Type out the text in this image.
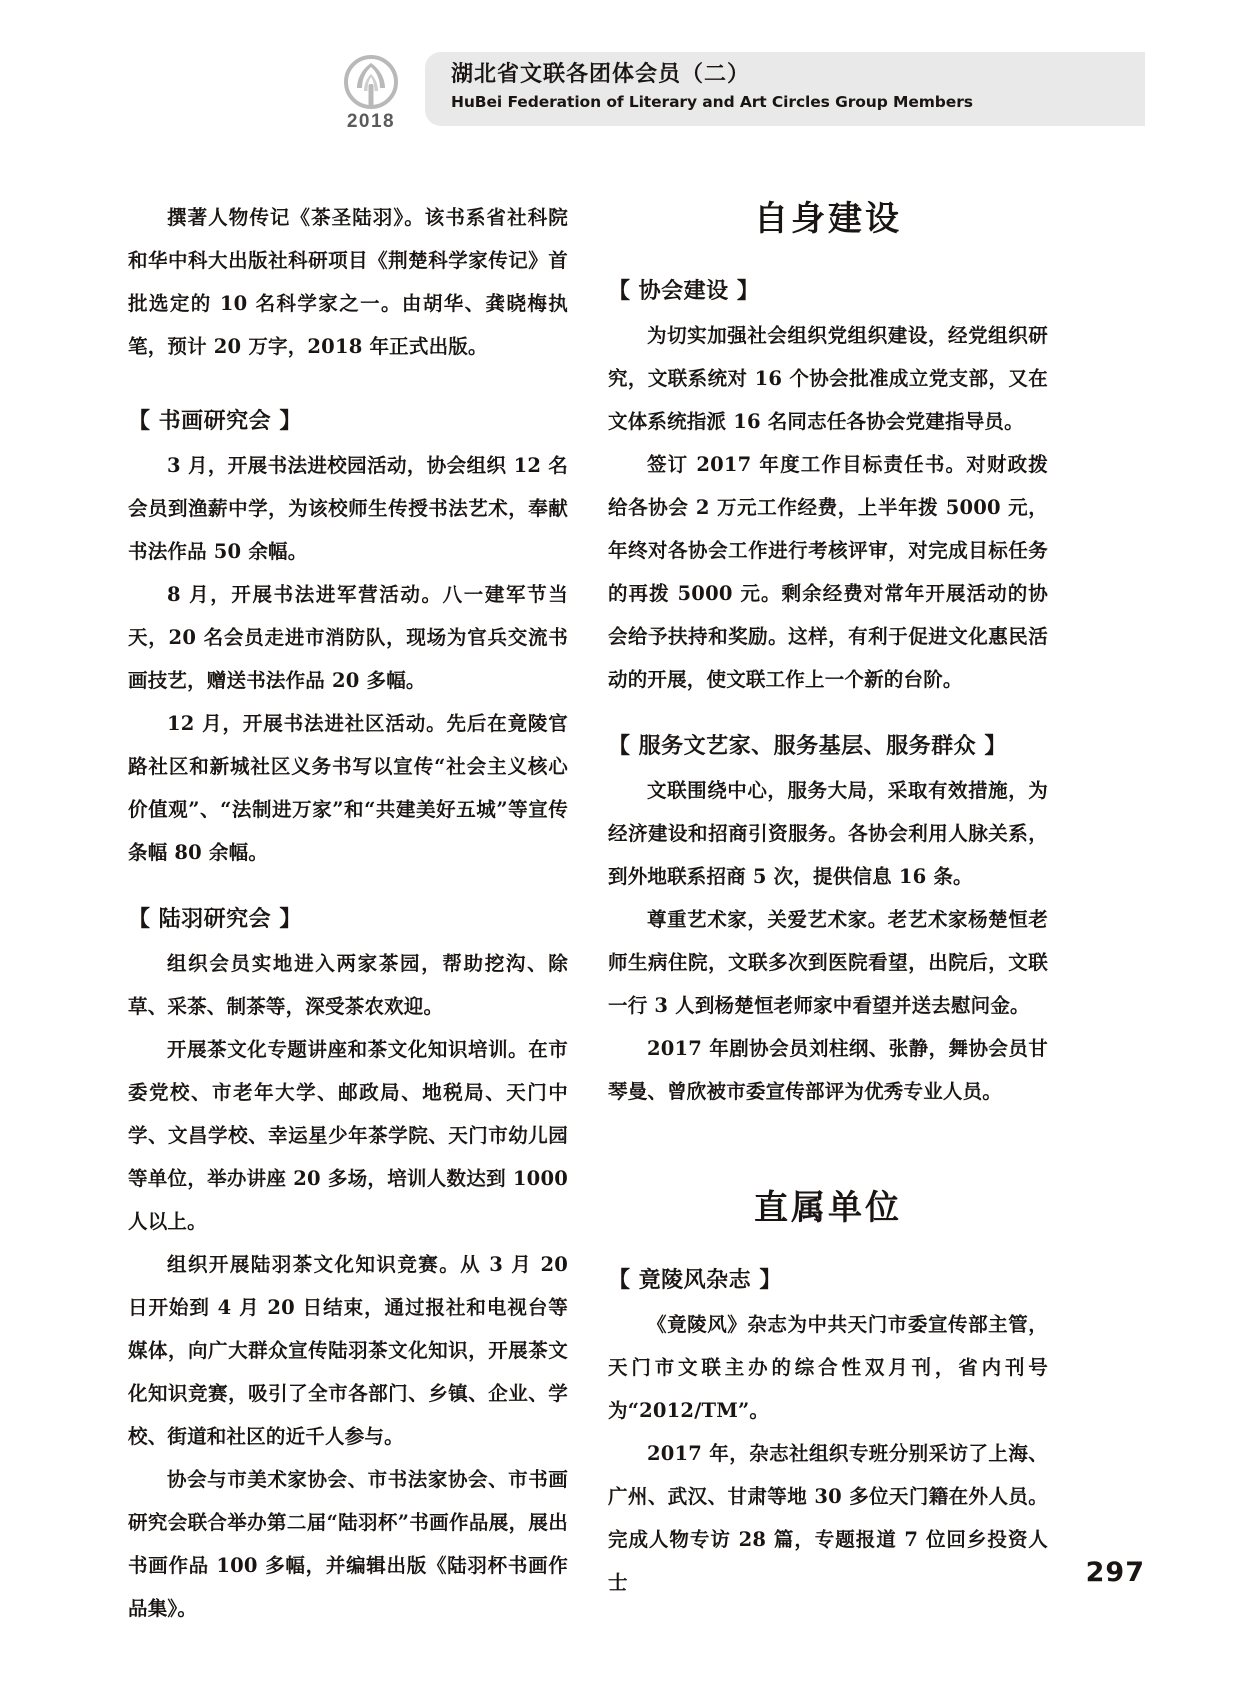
2018
湖北省文联各团体会员（二）
HuBei Federation of Literary and Art Circles Group Members

撰著人物传记《茶圣陆羽》。该书系省社科院和华中科大出版社科研项目《荆楚科学家传记》首批选定的 10 名科学家之一。由胡华、龚晓梅执笔，预计 20 万字，2018 年正式出版。

【 书画研究会 】

3 月，开展书法进校园活动，协会组织 12 名会员到渔薪中学，为该校师生传授书法艺术，奉献书法作品 50 余幅。

8 月，开展书法进军营活动。八一建军节当天，20 名会员走进市消防队，现场为官兵交流书画技艺，赠送书法作品 20 多幅。

12 月，开展书法进社区活动。先后在竟陵官路社区和新城社区义务书写以宣传“社会主义核心价值观”、“法制进万家”和“共建美好五城”等宣传条幅 80 余幅。

【 陆羽研究会 】

组织会员实地进入两家茶园，帮助挖沟、除草、采茶、制茶等，深受茶农欢迎。

开展茶文化专题讲座和茶文化知识培训。在市委党校、市老年大学、邮政局、地税局、天门中学、文昌学校、幸运星少年茶学院、天门市幼儿园等单位，举办讲座 20 多场，培训人数达到 1000 人以上。

组织开展陆羽茶文化知识竞赛。从 3 月 20 日开始到 4 月 20 日结束，通过报社和电视台等媒体，向广大群众宣传陆羽茶文化知识，开展茶文化知识竞赛，吸引了全市各部门、乡镇、企业、学校、街道和社区的近千人参与。

协会与市美术家协会、市书法家协会、市书画研究会联合举办第二届“陆羽杯”书画作品展，展出书画作品 100 多幅，并编辑出版《陆羽杯书画作品集》。

自身建设
【 协会建设 】

为切实加强社会组织党组织建设，经党组织研究，文联系统对 16 个协会批准成立党支部，又在文体系统指派 16 名同志任各协会党建指导员。

签订 2017 年度工作目标责任书。对财政拨给各协会 2 万元工作经费，上半年拨 5000 元，年终对各协会工作进行考核评审，对完成目标任务的再拨 5000 元。剩余经费对常年开展活动的协会给予扶持和奖励。这样，有利于促进文化惠民活动的开展，使文联工作上一个新的台阶。

【 服务文艺家、服务基层、服务群众 】

文联围绕中心，服务大局，采取有效措施，为经济建设和招商引资服务。各协会利用人脉关系，到外地联系招商 5 次，提供信息 16 条。

尊重艺术家，关爱艺术家。老艺术家杨楚恒老师生病住院，文联多次到医院看望，出院后，文联一行 3 人到杨楚恒老师家中看望并送去慰问金。

2017 年剧协会员刘柱纲、张静，舞协会员甘琴曼、曾欣被市委宣传部评为优秀专业人员。

直属单位
【 竟陵风杂志 】

《竟陵风》杂志为中共天门市委宣传部主管，天门市文联主办的综合性双月刊，省内刊号为“2012/TM”。

2017 年，杂志社组织专班分别采访了上海、广州、武汉、甘肃等地 30 多位天门籍在外人员。完成人物专访 28 篇，专题报道 7 位回乡投资人士	297
